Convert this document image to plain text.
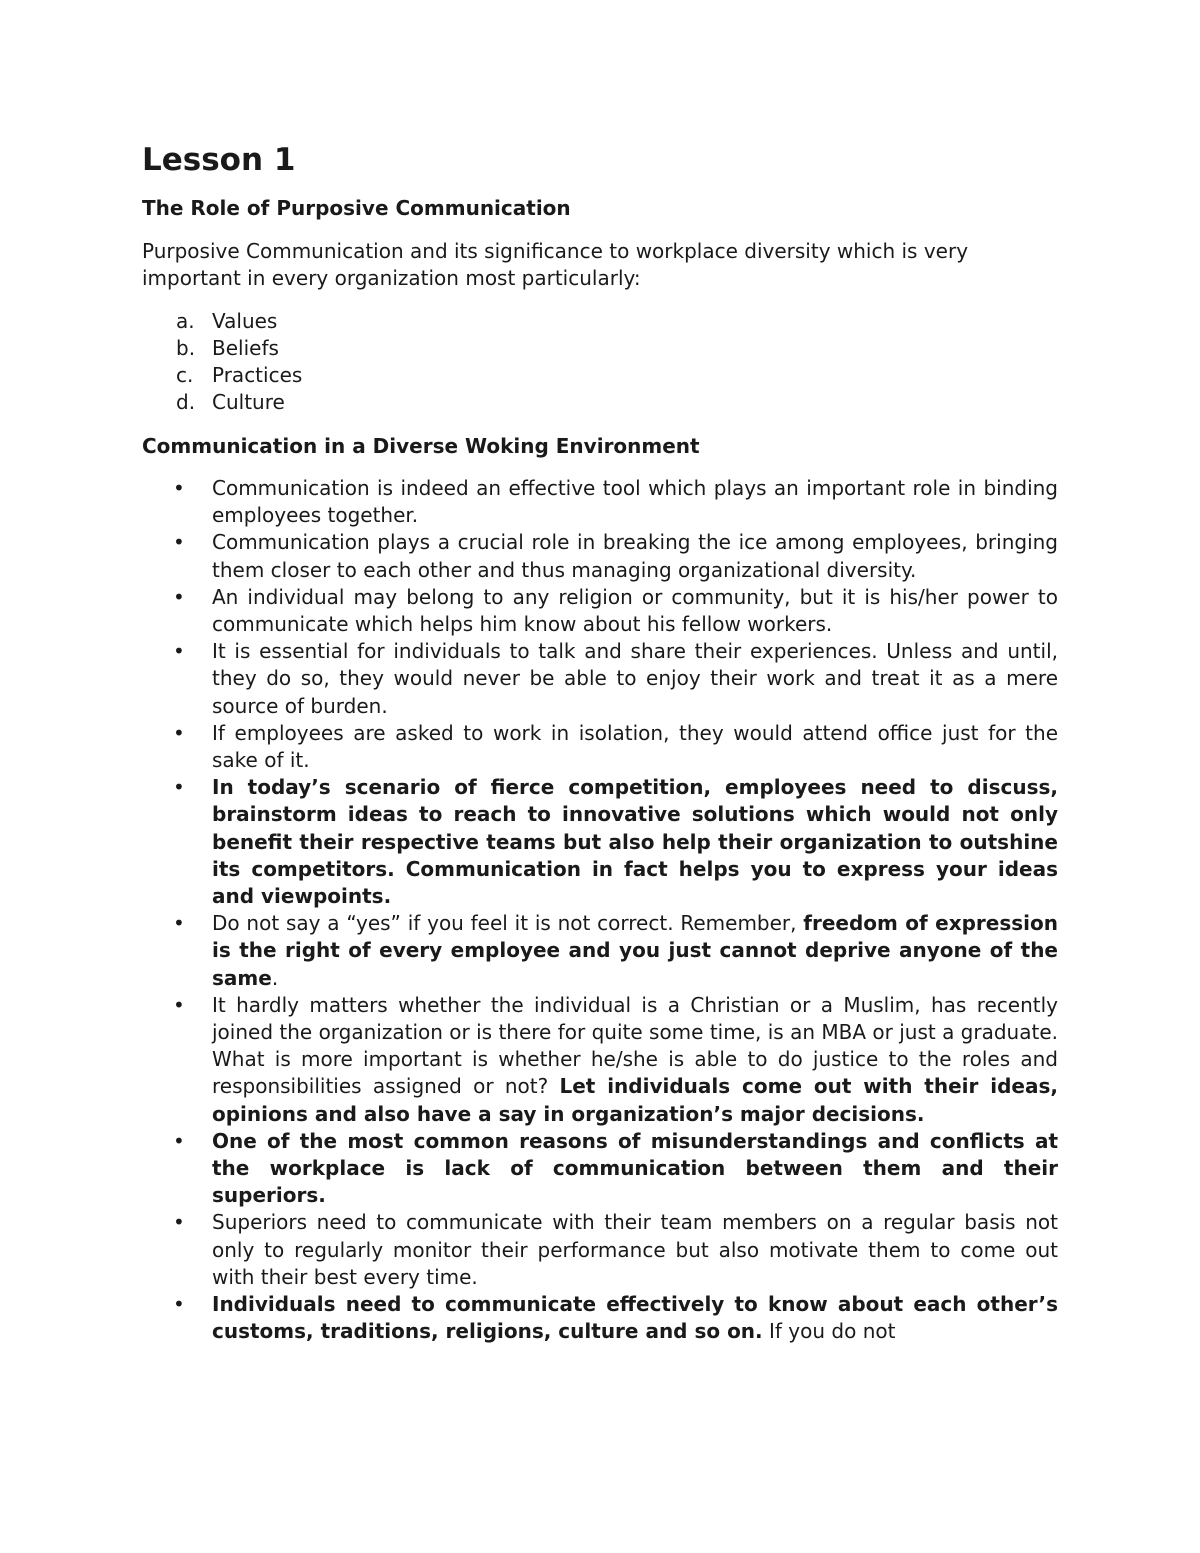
Lesson 1
The Role of Purposive Communication

Purposive Communication and its significance to workplace diversity which is very important in every organization most particularly:

a. Values
b. Beliefs
c. Practices
d. Culture
Communication in a Diverse Woking Environment
• Communication is indeed an effective tool which plays an important role in binding employees together.
• Communication plays a crucial role in breaking the ice among employees, bringing them closer to each other and thus managing organizational diversity.
• An individual may belong to any religion or community, but it is his/her power to communicate which helps him know about his fellow workers.
• It is essential for individuals to talk and share their experiences. Unless and until, they do so, they would never be able to enjoy their work and treat it as a mere source of burden.
• If employees are asked to work in isolation, they would attend office just for the sake of it.
• In today’s scenario of fierce competition, employees need to discuss, brainstorm ideas to reach to innovative solutions which would not only benefit their respective teams but also help their organization to outshine its competitors. Communication in fact helps you to express your ideas and viewpoints.
• Do not say a “yes” if you feel it is not correct. Remember, freedom of expression is the right of every employee and you just cannot deprive anyone of the same.
• It hardly matters whether the individual is a Christian or a Muslim, has recently joined the organization or is there for quite some time, is an MBA or just a graduate. What is more important is whether he/she is able to do justice to the roles and responsibilities assigned or not? Let individuals come out with their ideas, opinions and also have a say in organization’s major decisions.
• One of the most common reasons of misunderstandings and conflicts at the workplace is lack of communication between them and their superiors.
• Superiors need to communicate with their team members on a regular basis not only to regularly monitor their performance but also motivate them to come out with their best every time.
• Individuals need to communicate effectively to know about each other’s customs, traditions, religions, culture and so on. If you do not
